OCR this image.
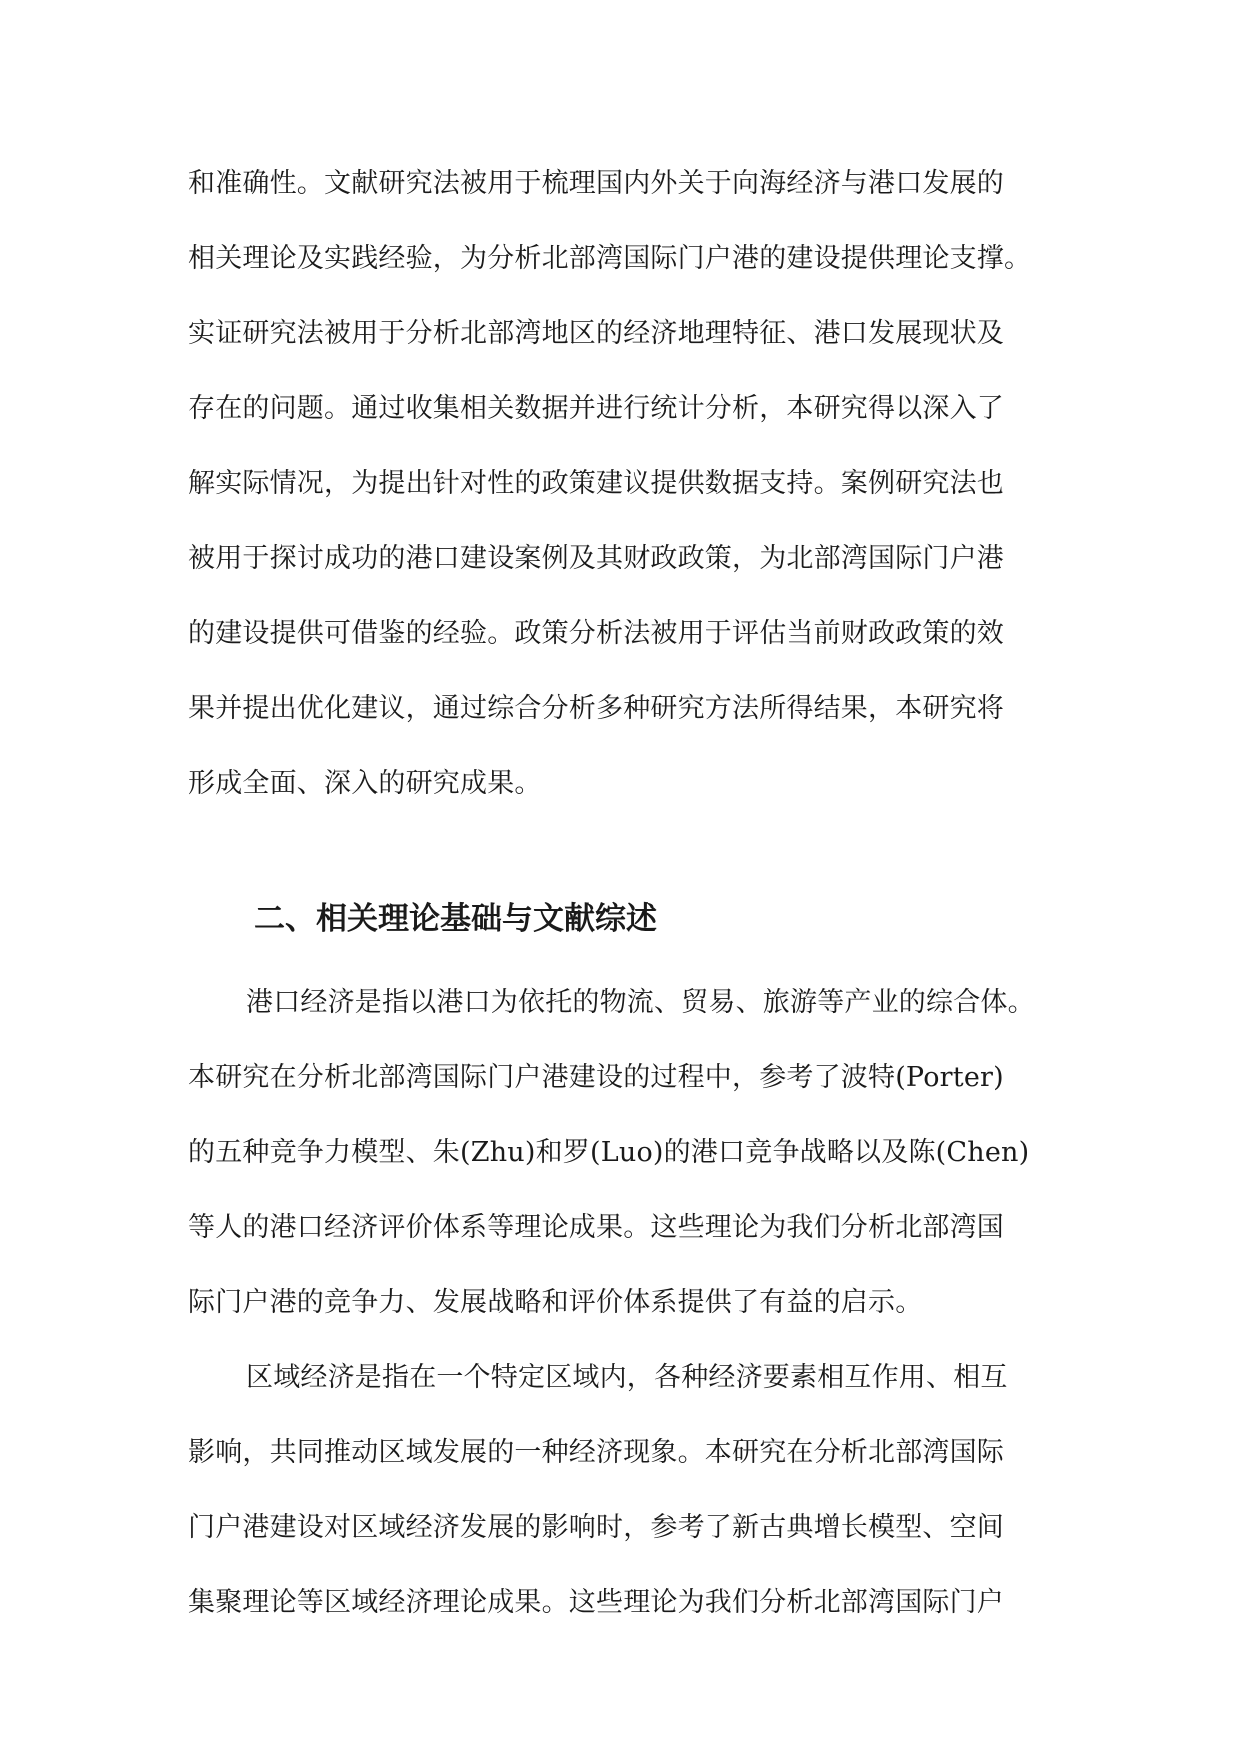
和准确性。文献研究法被用于梳理国内外关于向海经济与港口发展的
相关理论及实践经验，为分析北部湾国际门户港的建设提供理论支撑。
实证研究法被用于分析北部湾地区的经济地理特征、港口发展现状及
存在的问题。通过收集相关数据并进行统计分析，本研究得以深入了
解实际情况，为提出针对性的政策建议提供数据支持。案例研究法也
被用于探讨成功的港口建设案例及其财政政策，为北部湾国际门户港
的建设提供可借鉴的经验。政策分析法被用于评估当前财政政策的效
果并提出优化建议，通过综合分析多种研究方法所得结果，本研究将
形成全面、深入的研究成果。
二、相关理论基础与文献综述
港口经济是指以港口为依托的物流、贸易、旅游等产业的综合体。
本研究在分析北部湾国际门户港建设的过程中，参考了波特(Porter)
的五种竞争力模型、朱(Zhu)和罗(Luo)的港口竞争战略以及陈(Chen)
等人的港口经济评价体系等理论成果。这些理论为我们分析北部湾国
际门户港的竞争力、发展战略和评价体系提供了有益的启示。
区域经济是指在一个特定区域内，各种经济要素相互作用、相互
影响，共同推动区域发展的一种经济现象。本研究在分析北部湾国际
门户港建设对区域经济发展的影响时，参考了新古典增长模型、空间
集聚理论等区域经济理论成果。这些理论为我们分析北部湾国际门户
